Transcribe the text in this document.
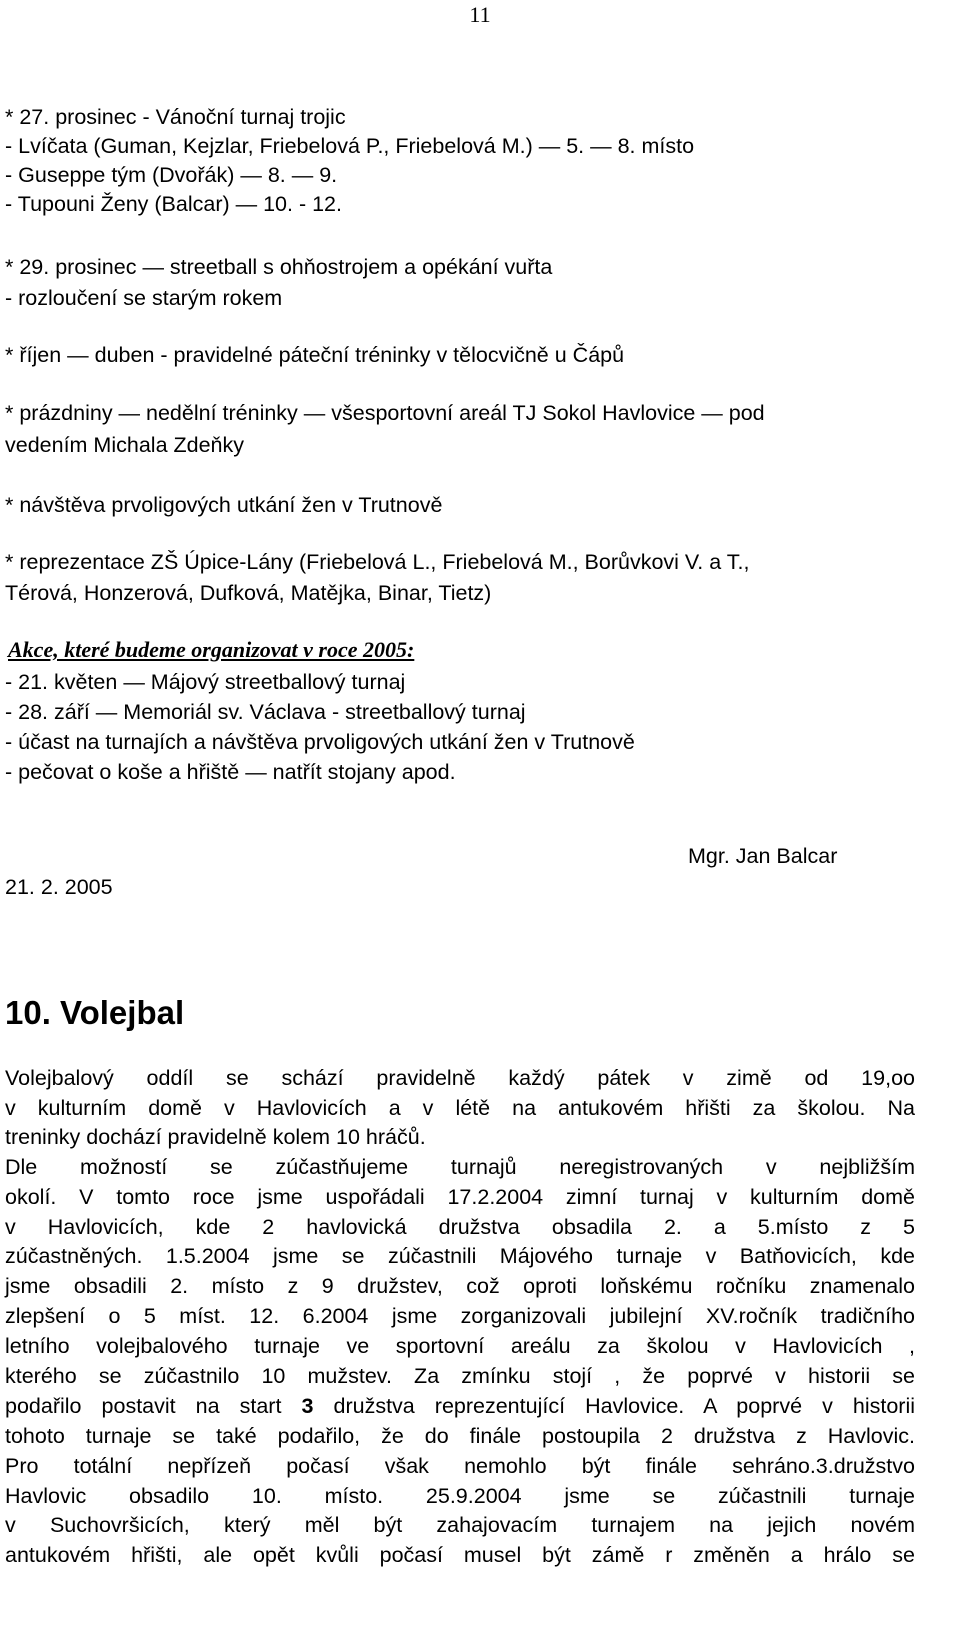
11
* 27. prosinec - Vánoční turnaj trojic
- Lvíčata (Guman, Kejzlar, Friebelová P., Friebelová M.) — 5. — 8. místo
- Guseppe tým (Dvořák) — 8. — 9.
- Tupouni Ženy (Balcar) — 10. - 12.
* 29. prosinec — streetball s ohňostrojem a opékání vuřta
- rozloučení se starým rokem
* říjen — duben - pravidelné páteční tréninky v tělocvičně u Čápů
* prázdniny — nedělní tréninky — všesportovní areál TJ Sokol Havlovice — pod
vedením Michala Zdeňky
* návštěva prvoligových utkání žen v Trutnově
* reprezentace ZŠ Úpice-Lány (Friebelová L., Friebelová M., Borůvkovi V. a T.,
Térová, Honzerová, Dufková, Matějka, Binar, Tietz)
Akce, které budeme organizovat v roce 2005:
- 21. květen — Májový streetballový turnaj
- 28. září — Memoriál sv. Václava - streetballový turnaj
- účast na turnajích a návštěva prvoligových utkání žen v Trutnově
- pečovat o koše a hřiště — natřít stojany apod.
Mgr. Jan Balcar
21. 2. 2005
10. Volejbal
Volejbalový oddíl se schází pravidelně každý pátek v zimě od 19,oo
v kulturním domě v Havlovicích a v létě na antukovém hřišti za školou. Na
treninky dochází pravidelně kolem 10 hráčů.
Dle možností se zúčastňujeme turnajů neregistrovaných v nejbližším
okolí. V tomto roce jsme uspořádali 17.2.2004 zimní turnaj v kulturním domě
v Havlovicích, kde 2 havlovická družstva obsadila 2. a 5.místo z 5
zúčastněných. 1.5.2004 jsme se zúčastnili Májového turnaje v Batňovicích, kde
jsme obsadili 2. místo z 9 družstev, což oproti loňskému ročníku znamenalo
zlepšení o 5 míst. 12. 6.2004 jsme zorganizovali jubilejní XV.ročník tradičního
letního volejbalového turnaje ve sportovní areálu za školou v Havlovicích ,
kterého se zúčastnilo 10 mužstev. Za zmínku stojí , že poprvé v historii se
podařilo postavit na start 3 družstva reprezentující Havlovice. A poprvé v historii
tohoto turnaje se také podařilo, že do finále postoupila 2 družstva z Havlovic.
Pro totální nepřízeň počasí však nemohlo být finále sehráno.3.družstvo
Havlovic obsadilo 10. místo. 25.9.2004 jsme se zúčastnili turnaje
v Suchovršicích, který měl být zahajovacím turnajem na jejich novém
antukovém hřišti, ale opět kvůli počasí musel být zámě r změněn a hrálo se
